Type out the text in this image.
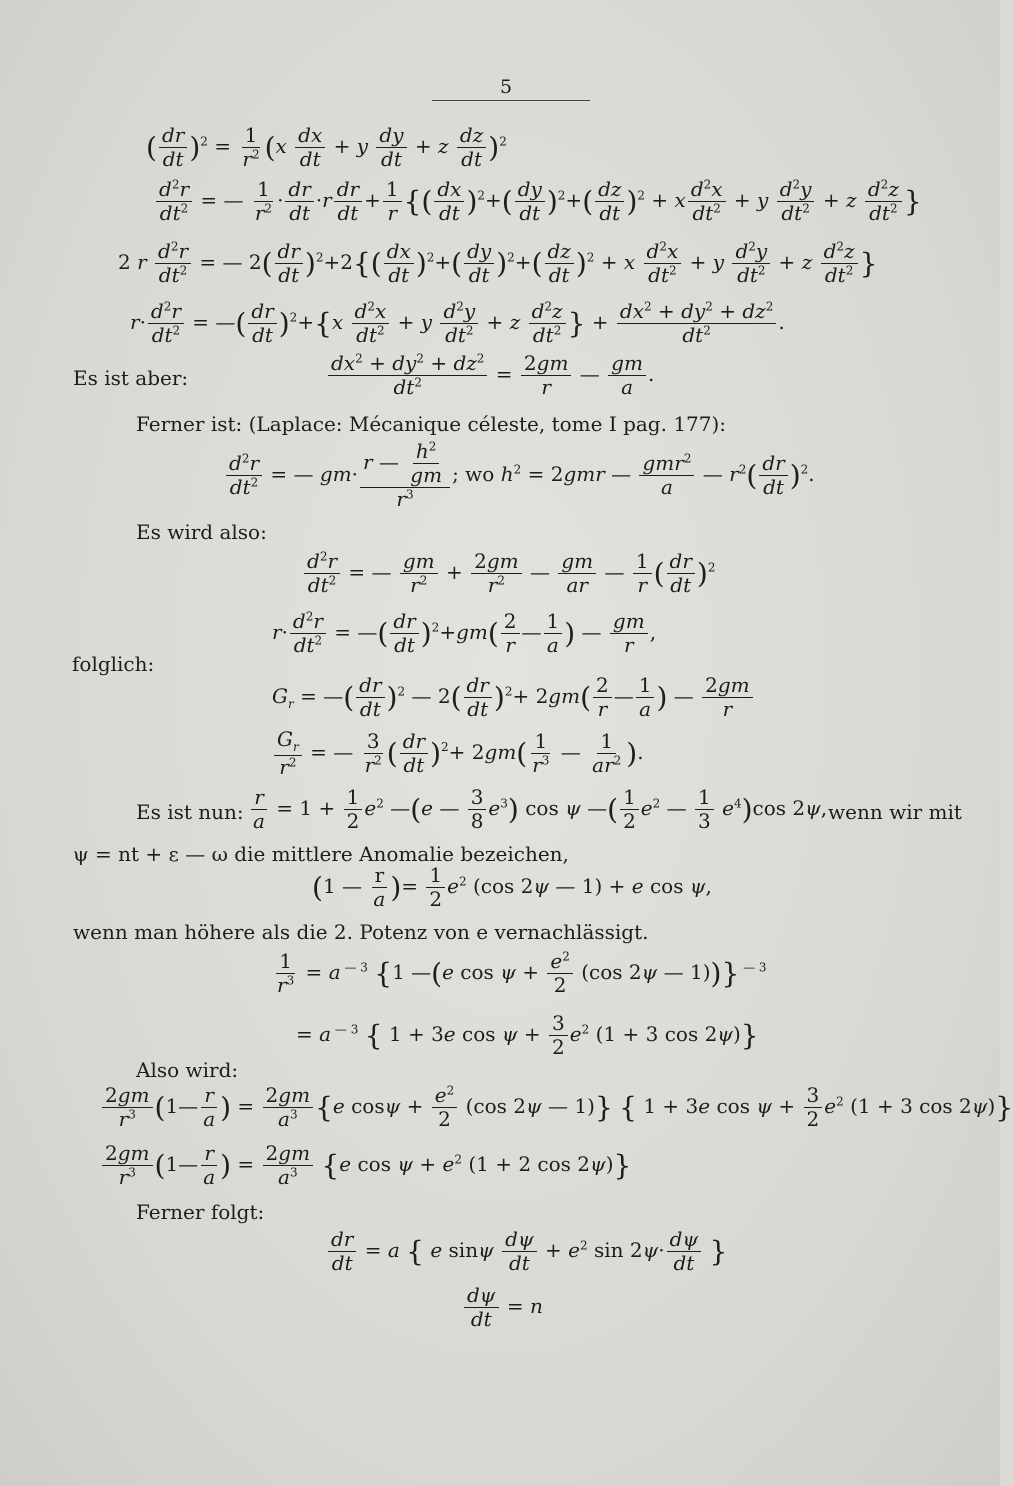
5
( $\frac{dr}{dt} )^2 = \frac{1}{r^2} (x \frac{dx}{dt} + y \frac{dy}{dt} + z \frac{dz}{dt} )^2$
$\frac{d^2r}{dt^2}$ = — $\frac{1}{r^2} \cdot \frac{dr}{dt} \cdot r \frac{dr}{dt} + \frac{1}{r}$ {( $\frac{dx}{dt} )^2+( \frac{dy}{dt} )^2+( \frac{dz}{dt} )^2 + x \frac{d^2x}{dt^2} + y \frac{d^2y}{dt^2} + z \frac{d^2z}{dt^2}$ }
2 r $\frac{d^2r}{dt^2}$ = — $2( \frac{dr}{dt} )^2+2\{( \frac{dx}{dt} )^2+( \frac{dy}{dt} )^2+( \frac{dz}{dt} )^2 + x \frac{d^2x}{dt^2} + y \frac{d^2y}{dt^2} + z \frac{d^2z}{dt^2}$ }
$r\cdot \frac{d^2r}{dt^2}$ = —( $\frac{dr}{dt} )^2+\{x \frac{d^2x}{dt^2} + y \frac{d^2y}{dt^2} + z \frac{d^2z}{dt^2}$ } + $\frac{dx^2 + dy^2 + dz^2}{dt^2}$ .
Es ist aber:	$\frac{dx^2 + dy^2 + dz^2}{dt^2} = \frac{2gm}{r}$ — $\frac{gm}{a}$ .
Ferner ist: (Laplace: Mécanique céleste, tome I pag. 177):
$\frac{d^2r}{dt^2}$ = — $gm\cdot \frac{r — \frac{h^2}{gm}}{r^3}$ ; wo $h^2 = 2gmr$ — $\frac{gmr^2}{a}$ — $r^2( \frac{dr}{dt} )^2$.
Es wird also:
$\frac{d^2r}{dt^2}$ = — $\frac{gm}{r^2} + \frac{2gm}{r^2}$ — $\frac{gm}{ar}$ — $\frac{1}{r}$ ( $\frac{dr}{dt} )^2$
$r\cdot \frac{d^2r}{dt^2}$ = —( $\frac{dr}{dt} )^2+gm( \frac{2}{r}$ — $\frac{1}{a}$ ) — $\frac{gm}{r}$ ,
folglich:
$G_r$ = —( $\frac{dr}{dt} )^2$ — $2( \frac{dr}{dt} )^2+ 2gm( \frac{2}{r}$ — $\frac{1}{a}$ ) — $\frac{2gm}{r}$
$\frac{G_r}{r^2}$ = — $\frac{3}{r^2}$ ( $\frac{dr}{dt} )^2+ 2gm( \frac{1}{r^3}$ — $\frac{1}{ar^2}$ ).
Es ist nun: $\frac{r}{a} = 1 + \frac{1}{2} e^2$ —(e — $\frac{3}{8} e^3$) cos ψ —( $\frac{1}{2} e^2$ — $\frac{1}{3} e^4)\cos$ 2ψ, wenn wir mit
ψ = nt + ε — ω die mittlere Anomalie bezeichen,
(1 — $\frac{r}{a}$ )= $\frac{1}{2} e^2$ (cos 2ψ — 1) + e cos ψ,
wenn man höhere als die 2. Potenz von e vernachlässigt.
$\frac{1}{r^3} = a$ $^{— 3}$ {1 —(e $\cos \psi + \frac{e^2}{2} (\cos$ 2ψ — 1))} $^{— 3}$
= a $^{— 3}$ { 1 + 3e $\cos \psi + \frac{3}{2} e^2$ (1 + 3 cos 2ψ)}
Also wird:
$\frac{2gm}{r^3}$ (1— $\frac{r}{a}$ ) = $\frac{2gm}{a^3} \{e$ $\cos\psi + \frac{e^2}{2} (\cos$ 2ψ — 1)} { 1 + 3e $\cos \psi + \frac{3}{2} e^2$ (1 + 3 cos 2ψ)}
$\frac{2gm}{r^3}$ (1— $\frac{r}{a}$ ) = $\frac{2gm}{a^3} \{e$ $\cos \psi + e^2$ (1 + 2 cos 2ψ)}
Ferner folgt:
$\frac{dr}{dt} = a$ { e sinψ $\frac{d\psi}{dt} + e^2$ $\sin 2\psi\cdot \frac{d\psi}{dt}$ }
$\frac{d\psi}{dt} = n$
